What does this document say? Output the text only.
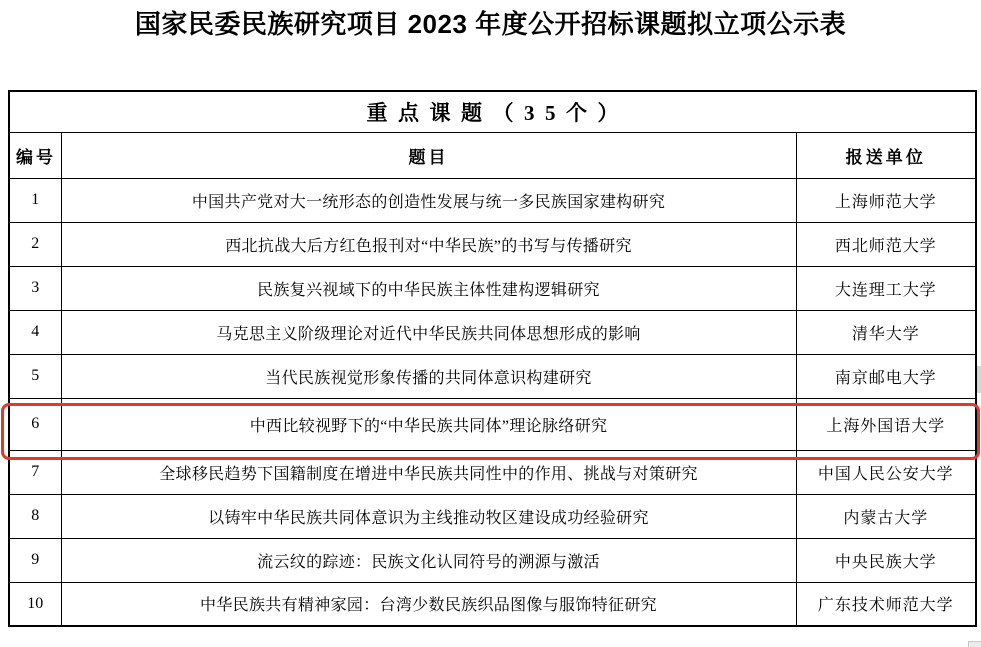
国家民委民族研究项目 2023 年度公开招标课题拟立项公示表
重点课题（35个）		
编号	题目	报送单位
1	中国共产党对大一统形态的创造性发展与统一多民族国家建构研究	上海师范大学
2	西北抗战大后方红色报刊对“中华民族”的书写与传播研究	西北师范大学
3	民族复兴视域下的中华民族主体性建构逻辑研究	大连理工大学
4	马克思主义阶级理论对近代中华民族共同体思想形成的影响	清华大学
5	当代民族视觉形象传播的共同体意识构建研究	南京邮电大学
6	中西比较视野下的“中华民族共同体”理论脉络研究	上海外国语大学
7	全球移民趋势下国籍制度在增进中华民族共同性中的作用、挑战与对策研究	中国人民公安大学
8	以铸牢中华民族共同体意识为主线推动牧区建设成功经验研究	内蒙古大学
9	流云纹的踪迹：民族文化认同符号的溯源与激活	中央民族大学
10	中华民族共有精神家园：台湾少数民族织品图像与服饰特征研究	广东技术师范大学
